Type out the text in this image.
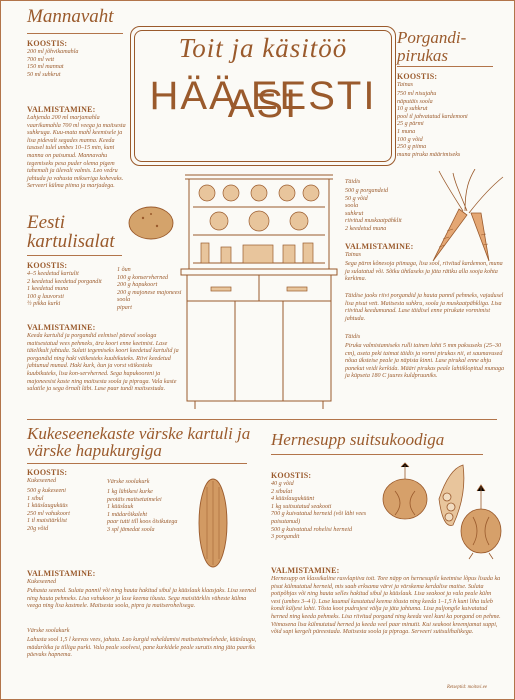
Mannavaht
KOOSTIS:
200 ml jõhvikamahla
700 ml vett
150 ml mannat
50 ml suhkrut
VALMISTAMINE:
Lahjenda 200 ml marjamahla vaarikamahla 700 ml veega ja maitsesta suhkruga. Kuu-mata mahl keemisele ja lisa pidevalt segades manna. Keeda tasasel tulel umbes 10–15 min, kuni manna on paisunud. Mannavahu tegemiseks pesa puder olema pigem tahemalt ja ülevalt valmis. Leo vedru jahtuda ja vahusta mikseriga kohevaks. Serveeri külma piima ja marjadega.
Toit ja käsitöö
HÄÄ EESTI ASI
Porgandi- pirukas
KOOSTIS:
Tainas
750 ml nisujahu
näputäis soola
10 g suhkrut
pool tl jahvatatud kardemoni
25 g pärmi
1 muna
100 g võid
250 g piima
muna piruka määrimiseks
Täidis
500 g porgandeid
50 g võid
soola
suhkrut
riivitud muskaatpähklit
2 keedetud muna
VALMISTAMINE:
Tainas
Sega pärm kõnesoja piimaga, lisa sool, riivitud kardemon, muna ja sulatatud või. Sõtku ühtlaseks ja jäta rätiku alla sooja kohta kerkima.
Täidise jaoks riivi porgandid ja hauta pannil pehmeks, vajadusel lisa pisut vett. Maitsesta suhkru, soola ja muskaatpähkliga. Lisa riivitud keedumunad. Lase täidisel enne pirukate vormimist jahtuda.
Täidis
Piruka valmistamiseks rulli tainen lahti 5 mm paksuseks (25–30 cm), aseta peki taimat täidis ja vormi pirukas nii, et saumavused nõua üksteise peale ja näpista kinni. Lase pirukal enne ahju panekut veidi kerkida. Määri pirukas peale lahtiklopitud munaga ja küpseta 180 C juures kuldpruuniks.
Eesti kartulisalat
KOOSTIS:
4–5 keedetud kartulit
2 keedetud keedetud porgandit
1 keedetud muna
100 g lauvorsti
½ pikka kurki
1 õun
100 g konservherned
200 g hapukoort
200 g majonese majoneesi
soola
pipart
VALMISTAMINE:
Keeda kartulid ja porgandid eelmisel päeval soolaga maitsestatud vees pehmeks, ära koori enne keetmist. Lase täielikult jahtuda. Sulati tegemiseks koori keedetud kartulid ja porgandid ning haki väikesteks kuubikuteks. Riivi keedetud jahtunud munad. Haki kurk, õun ja vorst väikesteks kuubikuteks, lisa kon-servherned. Sega hapukooreni ja majoneesist kaste ning maitsesta soola ja pipraga. Vala kaste salatile ja sega õrnalt läbi. Lase paar tundi maitsestuda.
Kukeseenekaste värske kartuli ja värske hapukurgiga
KOOSTIS:
Kukeseened
500 g kukeseeni
1 sibul
1 küüslauguküüs
250 ml vahukoort
1 tl maisitärklist
20g võid
Värske soolakurk
1 kg lühikesi kurke
peotäis maitsetaimelei
1 küüslauk
1 mädarõikaleht
paar tutti till koos õisikutega
3 spl jämedat soola
VALMISTAMINE:
Kukeseened
Puhasta seened. Sulata pannil või ning hauta hakitud sibul ja küüslauk klaasjaks. Lisa seened ning hauta pehmeks. Lisa vahukoor ja lase keema tõusta. Sega maisitärklis väheste külma veega ning lisa kastmele. Maitsesta soola, pipra ja maitserohelisega.
Värske soolakurk
Lahusta sool 1,5 l keevas vees, jahuta. Lao kurgid vaheldamisi maitsetaimelehede, küüslaugu, mädarõika ja tilliga purki. Vala peale soolvesi, pane kurkidele peale surutis ning jäta paariks päevaks hapnema.
Hernesupp suitsukoodiga
KOOSTIS:
40 g võid
2 sibulat
4 küüslauguküünt
1 kg suitsutatud seakooti
700 g kuivatatud herneid (või läbi vees paisutanud)
500 g kuivatatud rohelisi herneid
3 porgandit
VALMISTAMINE:
Hernesupp on klassikaline rasvlapiiva toit. Tore näpp on hernesupile keetmise lõpus lisada ka pisut külmutatud herneid, mis saab erksama värvi ja värskema kerdalise maitse. Sulata potipõhjas või ning hauta selles hakitud sibul ja küüslauk. Lisa seakoot ja vala peale külm vesi (umbes 3–4 l). Lase kuumal kasutatud keema tõusta ning keeda 1–1,5 h kuni liha tuleb kondi küljest lahti. Tõsta koot pudrujest välja ja jäta jahtuma. Lisa puljongile kuivatatud herned ning keeda pehmeks. Lisa riivitud porgand ning keeda veel kuni ka porgand on pehme. Viimasena lisa külmutatud herned ja keeda veel paar minutit. Kui seakoot kreemjamat suppi, võid sapi kergelt püreestada. Maitsesta soola ja pipraga. Serveeri suitsulihalikega.
Retseptid: moitsvi.ee
